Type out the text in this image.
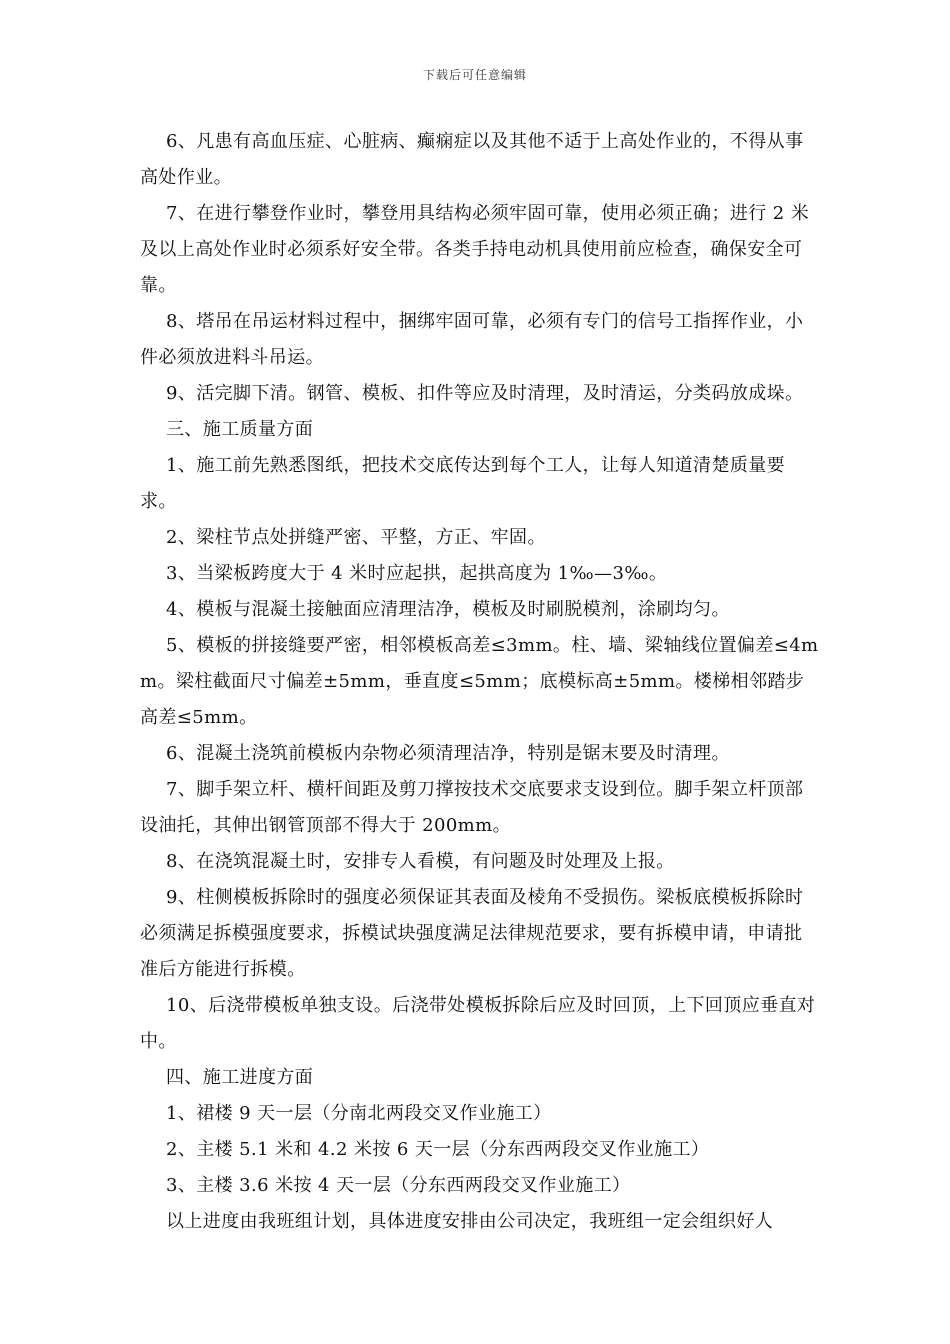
下载后可任意编辑

6、凡患有高血压症、心脏病、癫痫症以及其他不适于上高处作业的，不得从事高处作业。

7、在进行攀登作业时，攀登用具结构必须牢固可靠，使用必须正确；进行 2 米及以上高处作业时必须系好安全带。各类手持电动机具使用前应检查，确保安全可靠。

8、塔吊在吊运材料过程中，捆绑牢固可靠，必须有专门的信号工指挥作业，小件必须放进料斗吊运。

9、活完脚下清。钢管、模板、扣件等应及时清理，及时清运，分类码放成垛。

三、施工质量方面

1、施工前先熟悉图纸，把技术交底传达到每个工人，让每人知道清楚质量要求。

2、梁柱节点处拼缝严密、平整，方正、牢固。

3、当梁板跨度大于 4 米时应起拱，起拱高度为 1‰—3‰。

4、模板与混凝土接触面应清理洁净，模板及时刷脱模剂，涂刷均匀。

5、模板的拼接缝要严密，相邻模板高差≤3mm。柱、墙、梁轴线位置偏差≤4mm。梁柱截面尺寸偏差±5mm，垂直度≤5mm；底模标高±5mm。楼梯相邻踏步高差≤5mm。

6、混凝土浇筑前模板内杂物必须清理洁净，特别是锯末要及时清理。

7、脚手架立杆、横杆间距及剪刀撑按技术交底要求支设到位。脚手架立杆顶部设油托，其伸出钢管顶部不得大于 200mm。

8、在浇筑混凝土时，安排专人看模，有问题及时处理及上报。

9、柱侧模板拆除时的强度必须保证其表面及棱角不受损伤。梁板底模板拆除时必须满足拆模强度要求，拆模试块强度满足法律规范要求，要有拆模申请，申请批准后方能进行拆模。

10、后浇带模板单独支设。后浇带处模板拆除后应及时回顶，上下回顶应垂直对中。

四、施工进度方面

1、裙楼 9 天一层（分南北两段交叉作业施工）

2、主楼 5.1 米和 4.2 米按 6 天一层（分东西两段交叉作业施工）

3、主楼 3.6 米按 4 天一层（分东西两段交叉作业施工）

以上进度由我班组计划，具体进度安排由公司决定，我班组一定会组织好人
